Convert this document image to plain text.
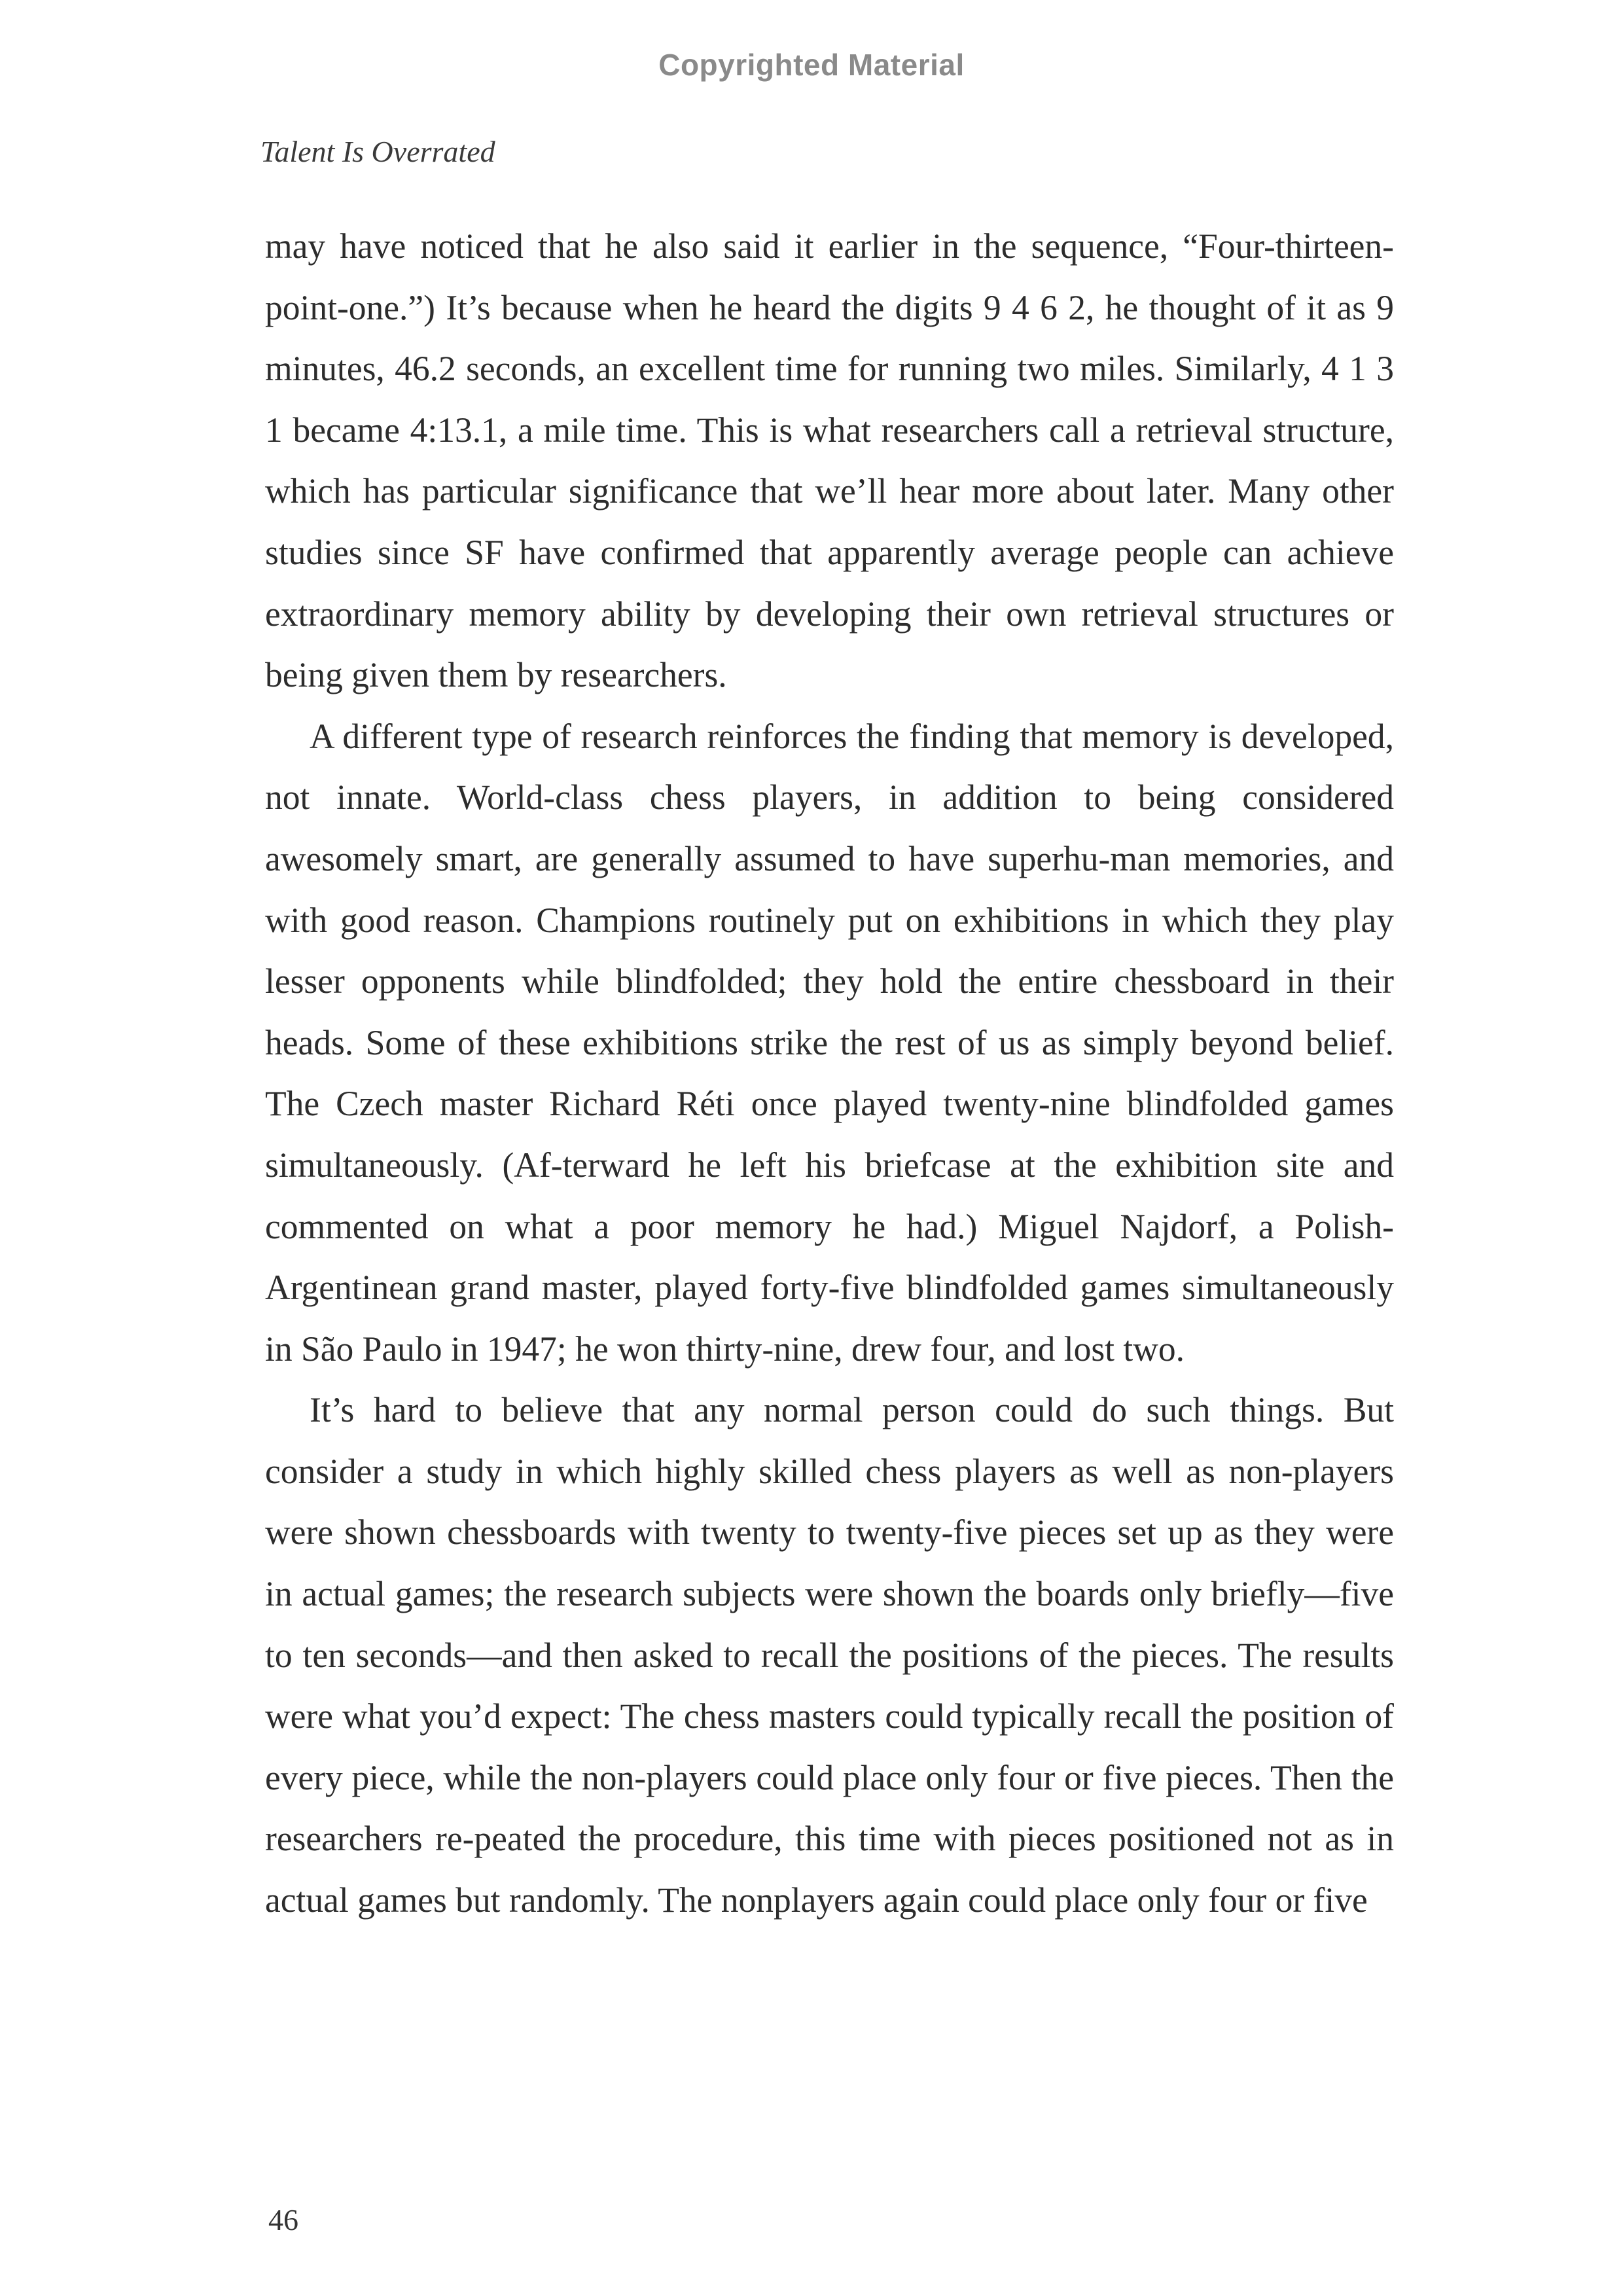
Copyrighted Material
Talent Is Overrated

may have noticed that he also said it earlier in the sequence, “Four-thirteen-point-one.”) It’s because when he heard the digits 9 4 6 2, he thought of it as 9 minutes, 46.2 seconds, an excellent time for running two miles. Similarly, 4 1 3 1 became 4:13.1, a mile time. This is what researchers call a retrieval structure, which has particular significance that we’ll hear more about later. Many other studies since SF have confirmed that apparently average people can achieve extraordinary memory ability by developing their own retrieval structures or being given them by researchers.

A different type of research reinforces the finding that memory is developed, not innate. World-class chess players, in addition to being considered awesomely smart, are generally assumed to have superhu-man memories, and with good reason. Champions routinely put on exhibitions in which they play lesser opponents while blindfolded; they hold the entire chessboard in their heads. Some of these exhibitions strike the rest of us as simply beyond belief. The Czech master Richard Réti once played twenty-nine blindfolded games simultaneously. (Af-terward he left his briefcase at the exhibition site and commented on what a poor memory he had.) Miguel Najdorf, a Polish-Argentinean grand master, played forty-five blindfolded games simultaneously in São Paulo in 1947; he won thirty-nine, drew four, and lost two.

It’s hard to believe that any normal person could do such things. But consider a study in which highly skilled chess players as well as non-players were shown chessboards with twenty to twenty-five pieces set up as they were in actual games; the research subjects were shown the boards only briefly—five to ten seconds—and then asked to recall the positions of the pieces. The results were what you’d expect: The chess masters could typically recall the position of every piece, while the non-players could place only four or five pieces. Then the researchers re-peated the procedure, this time with pieces positioned not as in actual games but randomly. The nonplayers again could place only four or five

46
